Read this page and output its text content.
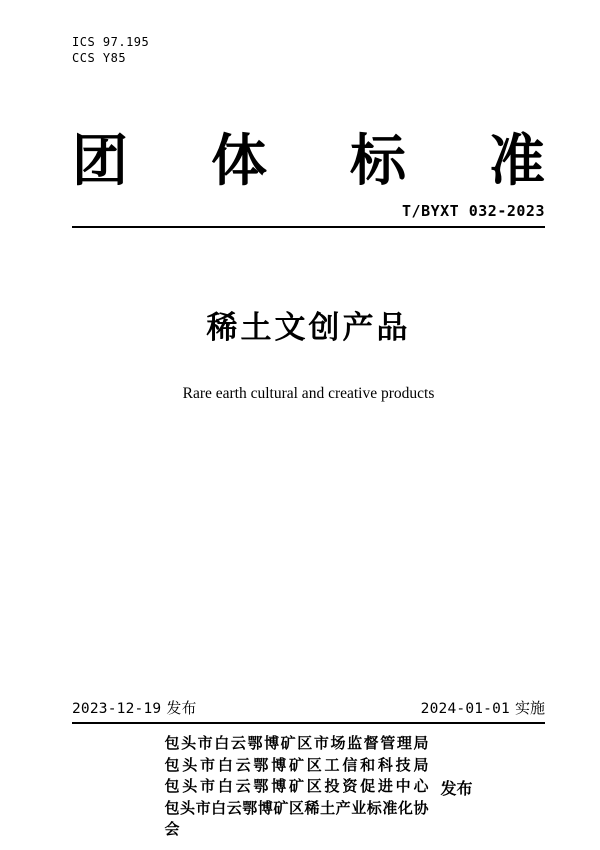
ICS 97.195
CCS Y85
团 体 标 准
T/BYXT 032-2023
稀土文创产品
Rare earth cultural and creative products
2023-12-19 发布	2024-01-01 实施
包头市白云鄂博矿区市场监督管理局
包头市白云鄂博矿区工信和科技局
包头市白云鄂博矿区投资促进中心
包头市白云鄂博矿区稀土产业标准化协会
发布
